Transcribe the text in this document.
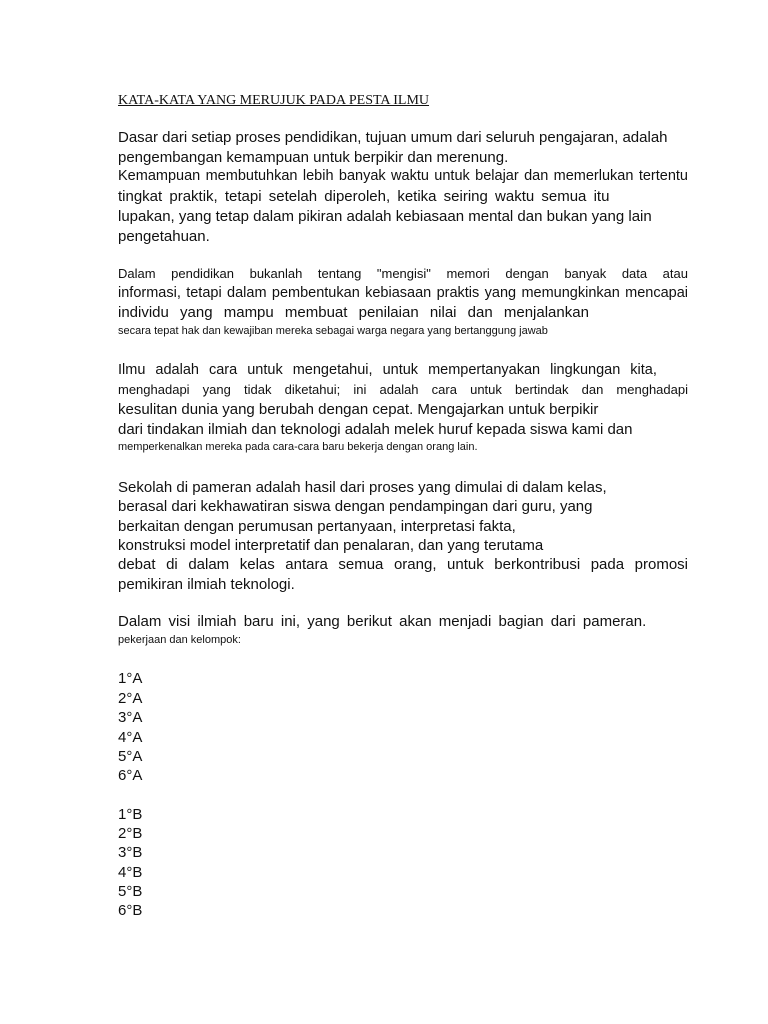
KATA-KATA YANG MERUJUK PADA PESTA ILMU

Dasar dari setiap proses pendidikan, tujuan umum dari seluruh pengajaran, adalah

pengembangan kemampuan untuk berpikir dan merenung.

Kemampuan membutuhkan lebih banyak waktu untuk belajar dan memerlukan tertentu

tingkat praktik, tetapi setelah diperoleh, ketika seiring waktu semua itu

lupakan, yang tetap dalam pikiran adalah kebiasaan mental dan bukan yang lain

pengetahuan.

Dalam pendidikan bukanlah tentang "mengisi" memori dengan banyak data atau

informasi, tetapi dalam pembentukan kebiasaan praktis yang memungkinkan mencapai

individu yang mampu membuat penilaian nilai dan menjalankan

secara tepat hak dan kewajiban mereka sebagai warga negara yang bertanggung jawab

Ilmu adalah cara untuk mengetahui, untuk mempertanyakan lingkungan kita,

menghadapi yang tidak diketahui; ini adalah cara untuk bertindak dan menghadapi

kesulitan dunia yang berubah dengan cepat. Mengajarkan untuk berpikir

dari tindakan ilmiah dan teknologi adalah melek huruf kepada siswa kami dan

memperkenalkan mereka pada cara-cara baru bekerja dengan orang lain.

Sekolah di pameran adalah hasil dari proses yang dimulai di dalam kelas,

berasal dari kekhawatiran siswa dengan pendampingan dari guru, yang

berkaitan dengan perumusan pertanyaan, interpretasi fakta,

konstruksi model interpretatif dan penalaran, dan yang terutama

debat di dalam kelas antara semua orang, untuk berkontribusi pada promosi

pemikiran ilmiah teknologi.

Dalam visi ilmiah baru ini, yang berikut akan menjadi bagian dari pameran.

pekerjaan dan kelompok:

1°A

2°A

3°A

4°A

5°A

6°A

1°B

2°B

3°B

4°B

5°B

6°B
